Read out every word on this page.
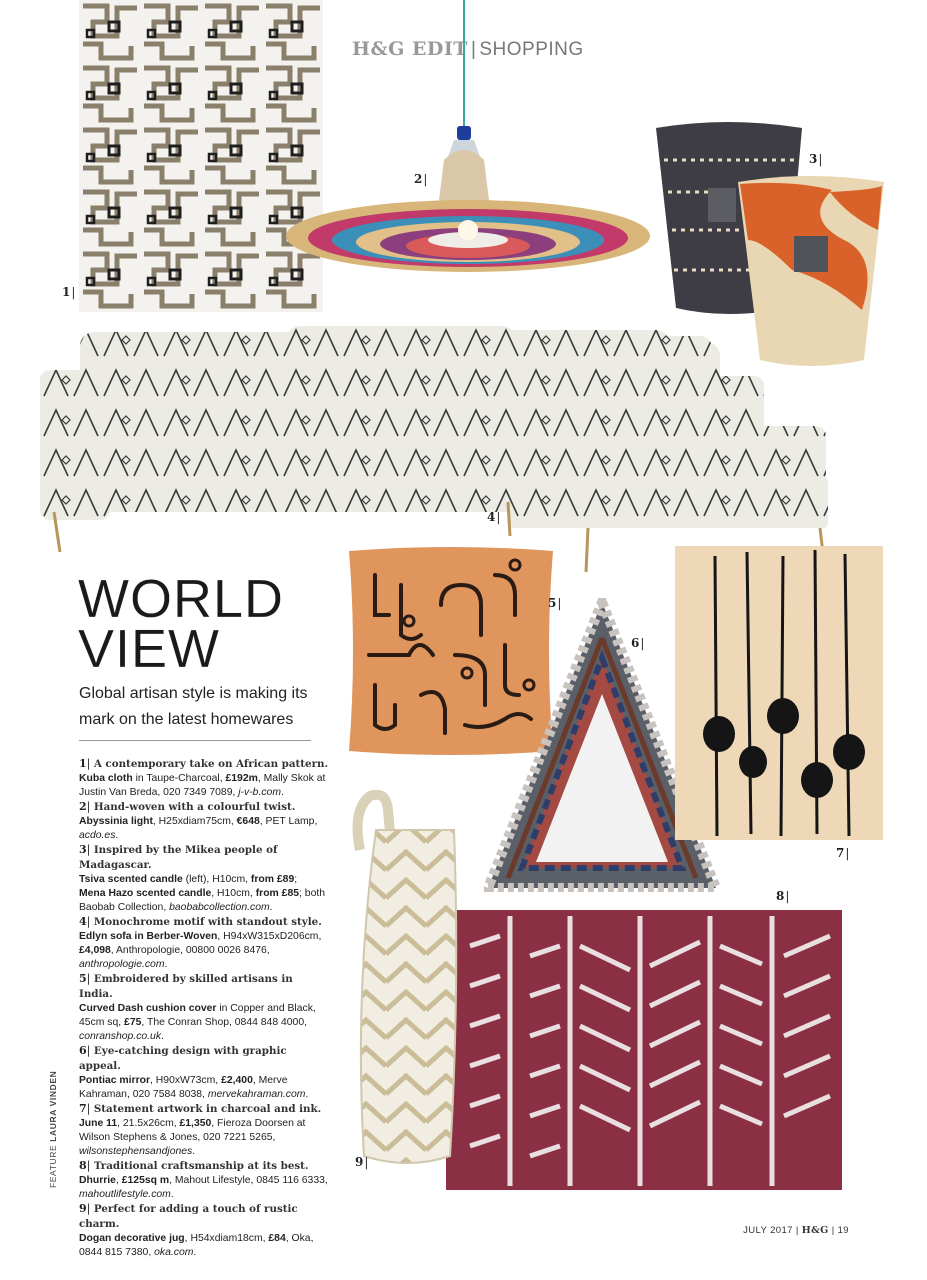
H&G EDIT | SHOPPING
1 |
2 |
3 |
4 |
WORLD
VIEW
Global artisan style is making its mark on the latest homewares
5 |
6 |
7 |
8 |
9 |

1 | A contemporary take on African pattern.
Kuba cloth in Taupe-Charcoal, £192m, Mally Skok at Justin Van Breda, 020 7349 7089, j-v-b.com.

2 | Hand-woven with a colourful twist.
Abyssinia light, H25xdiam75cm, €648, PET Lamp, acdo.es.

3 | Inspired by the Mikea people of Madagascar.
Tsiva scented candle (left), H10cm, from £89;
Mena Hazo scented candle, H10cm, from £85; both Baobab Collection, baobabcollection.com.

4 | Monochrome motif with standout style.
Edlyn sofa in Berber-Woven, H94xW315xD206cm, £4,098, Anthropologie, 00800 0026 8476, anthropologie.com.

5 | Embroidered by skilled artisans in India.
Curved Dash cushion cover in Copper and Black, 45cm sq, £75, The Conran Shop, 0844 848 4000, conranshop.co.uk.

6 | Eye-catching design with graphic appeal.
Pontiac mirror, H90xW73cm, £2,400, Merve Kahraman, 020 7584 8038, mervekahraman.com.

7 | Statement artwork in charcoal and ink.
June 11, 21.5x26cm, £1,350, Fieroza Doorsen at Wilson Stephens & Jones, 020 7221 5265, wilsonstephensandjones.

8 | Traditional craftsmanship at its best.
Dhurrie, £125sq m, Mahout Lifestyle, 0845 116 6333, mahoutlifestyle.com.

9 | Perfect for adding a touch of rustic charm.
Dogan decorative jug, H54xdiam18cm, £84, Oka, 0844 815 7380, oka.com.

FEATURE LAURA VINDEN
JULY 2017 | H&G | 19
